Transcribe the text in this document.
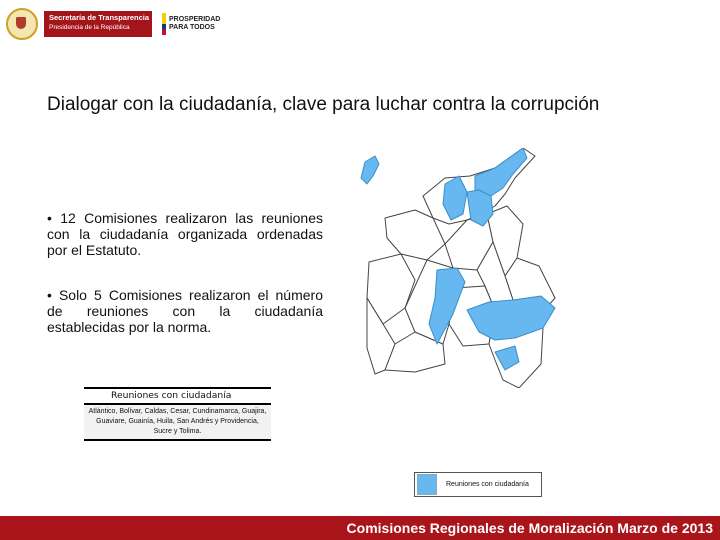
Secretaría de Transparencia
Presidencia de la República
PROSPERIDAD
PARA TODOS
Dialogar con la ciudadanía, clave para luchar contra la corrupción

• 12 Comisiones realizaron las reuniones con la ciudadanía organizada ordenadas por el Estatuto.

• Solo 5 Comisiones realizaron el número de reuniones con la ciudadanía establecidas por la norma.

Reuniones con ciudadanía
Atlántico, Bolívar, Caldas, Cesar, Cundinamarca, Guajira, Guaviare, Guainía, Huila, San Andrés y Providencia, Sucre y Tolima.
Reuniones con ciudadanía
Comisiones Regionales de Moralización Marzo de 2013
